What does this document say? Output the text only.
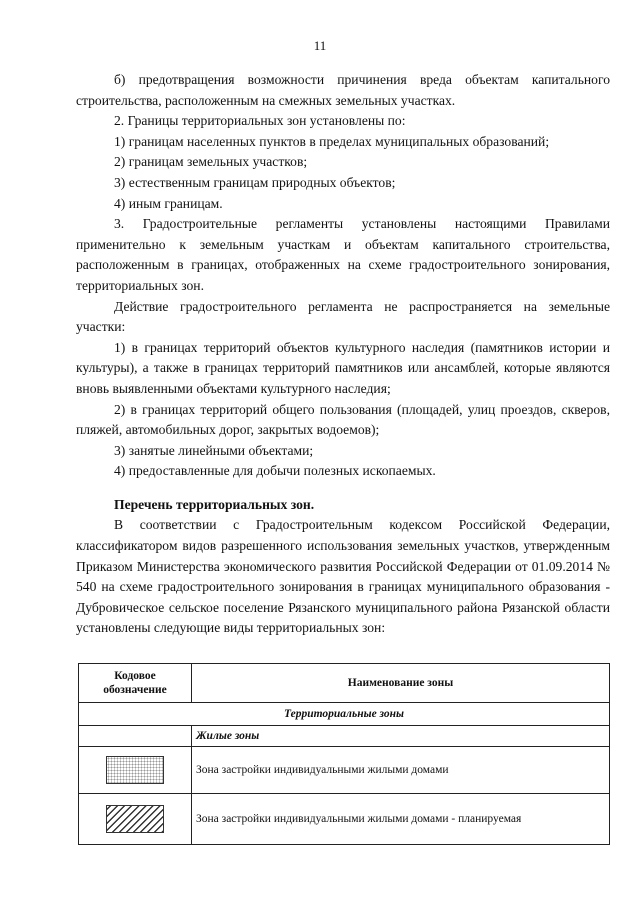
11

б) предотвращения возможности причинения вреда объектам капитального строительства, расположенным на смежных земельных участках.

2. Границы территориальных зон установлены по:

1) границам населенных пунктов в пределах муниципальных образований;

2) границам земельных участков;

3) естественным границам природных объектов;

4) иным границам.

3. Градостроительные регламенты установлены настоящими Правилами применительно к земельным участкам и объектам капитального строительства, расположенным в границах, отображенных на схеме градостроительного зонирования, территориальных зон.

Действие градостроительного регламента не распространяется на земельные участки:

1) в границах территорий объектов культурного наследия (памятников истории и культуры), а также в границах территорий памятников или ансамблей, которые являются вновь выявленными объектами культурного наследия;

2) в границах территорий общего пользования (площадей, улиц проездов, скверов, пляжей, автомобильных дорог, закрытых водоемов);

3) занятые линейными объектами;

4) предоставленные для добычи полезных ископаемых.

Перечень территориальных зон.

В соответствии с Градостроительным кодексом Российской Федерации, классификатором видов разрешенного использования земельных участков, утвержденным Приказом Министерства экономического развития Российской Федерации от 01.09.2014 № 540 на схеме градостроительного зонирования в границах муниципального образования - Дубровическое сельское поселение Рязанского муниципального района Рязанской области установлены следующие виды территориальных зон:

Кодовое обозначение	Наименование зоны
Территориальные зоны	
	Жилые зоны

	Зона застройки индивидуальными жилыми домами

	Зона застройки индивидуальными жилыми домами - планируемая
